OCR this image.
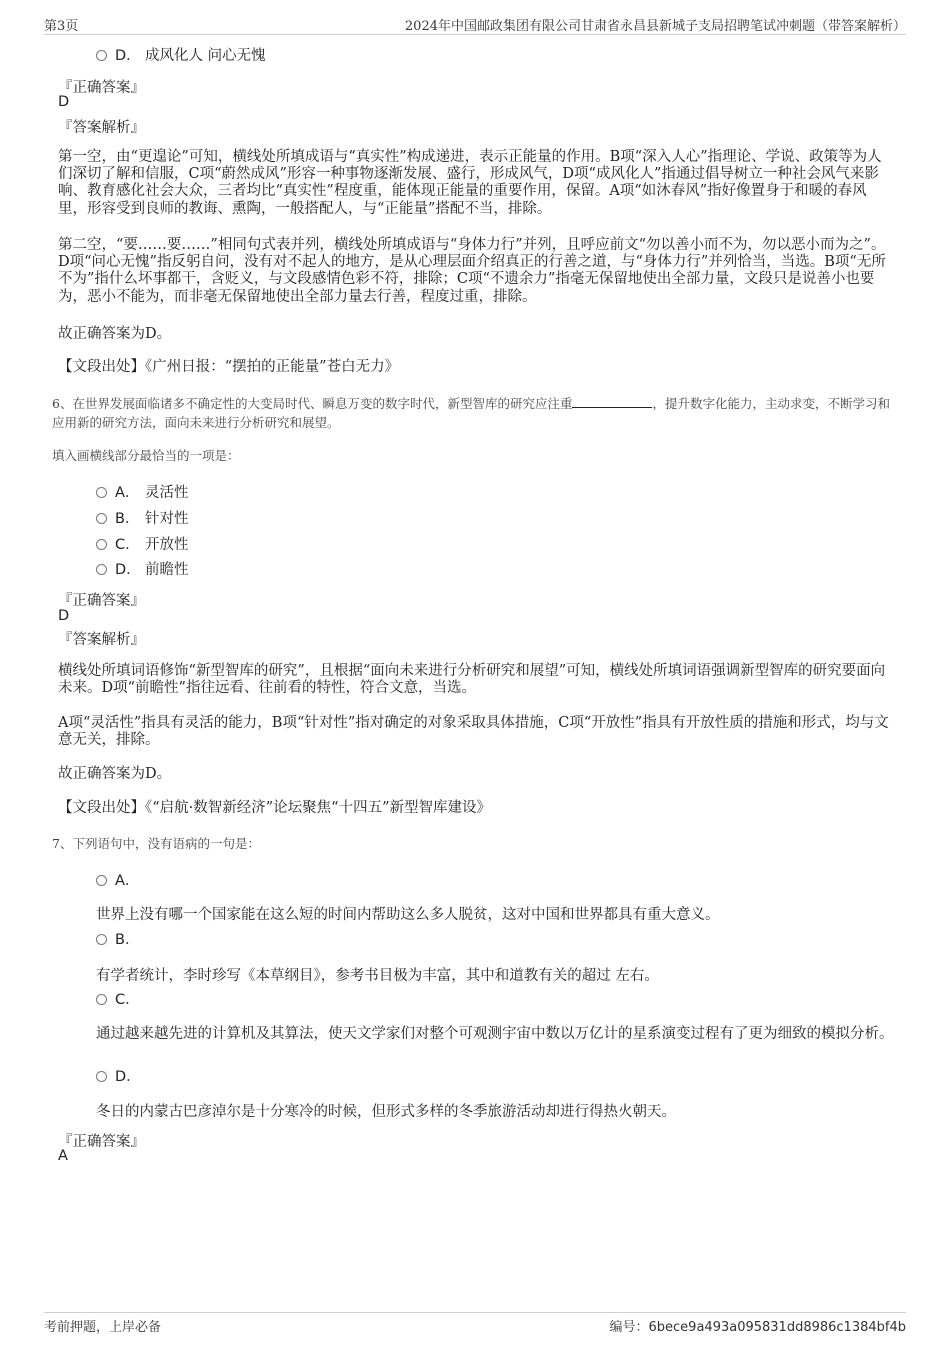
第3页	2024年中国邮政集团有限公司甘肃省永昌县新城子支局招聘笔试冲刺题（带答案解析）
D． 成风化人 问心无愧
『正确答案』
D
『答案解析』
第一空，由“更遑论”可知，横线处所填成语与“真实性”构成递进，表示正能量的作用。B项“深入人心”指理论、学说、政策等为人们深切了解和信服，C项“蔚然成风”形容一种事物逐渐发展、盛行，形成风气，D项“成风化人”指通过倡导树立一种社会风气来影响、教育感化社会大众，三者均比“真实性”程度重，能体现正能量的重要作用，保留。A项“如沐春风”指好像置身于和暖的春风里，形容受到良师的教诲、熏陶，一般搭配人，与“正能量”搭配不当，排除。
第二空，“要……要……”相同句式表并列，横线处所填成语与“身体力行”并列，且呼应前文“勿以善小而不为，勿以恶小而为之”。D项“问心无愧”指反躬自问，没有对不起人的地方，是从心理层面介绍真正的行善之道，与“身体力行”并列恰当，当选。B项“无所不为”指什么坏事都干，含贬义，与文段感情色彩不符，排除；C项“不遗余力”指毫无保留地使出全部力量，文段只是说善小也要为，恶小不能为，而非毫无保留地使出全部力量去行善，程度过重，排除。
故正确答案为D。
【文段出处】《广州日报：“摆拍的正能量”苍白无力》
6、在世界发展面临诸多不确定性的大变局时代、瞬息万变的数字时代，新型智库的研究应注重	，提升数字化能力，主动求变，不断学习和应用新的研究方法，面向未来进行分析研究和展望。
填入画横线部分最恰当的一项是：
A． 灵活性
B． 针对性
C． 开放性
D． 前瞻性
『正确答案』
D
『答案解析』
横线处所填词语修饰“新型智库的研究”，且根据“面向未来进行分析研究和展望”可知，横线处所填词语强调新型智库的研究要面向未来。D项“前瞻性”指往远看、往前看的特性，符合文意，当选。
A项“灵活性”指具有灵活的能力，B项“针对性”指对确定的对象采取具体措施，C项“开放性”指具有开放性质的措施和形式，均与文意无关，排除。
故正确答案为D。
【文段出处】《“启航·数智新经济”论坛聚焦“十四五”新型智库建设》
7、下列语句中，没有语病的一句是：
A．
世界上没有哪一个国家能在这么短的时间内帮助这么多人脱贫，这对中国和世界都具有重大意义。
B．
有学者统计，李时珍写《本草纲目》，参考书目极为丰富，其中和道教有关的超过 左右。
C．
通过越来越先进的计算机及其算法，使天文学家们对整个可观测宇宙中数以万亿计的星系演变过程有了更为细致的模拟分析。
D．
冬日的内蒙古巴彦淖尔是十分寒冷的时候，但形式多样的冬季旅游活动却进行得热火朝天。
『正确答案』
A
考前押题，上岸必备	编号：6bece9a493a095831dd8986c1384bf4b
